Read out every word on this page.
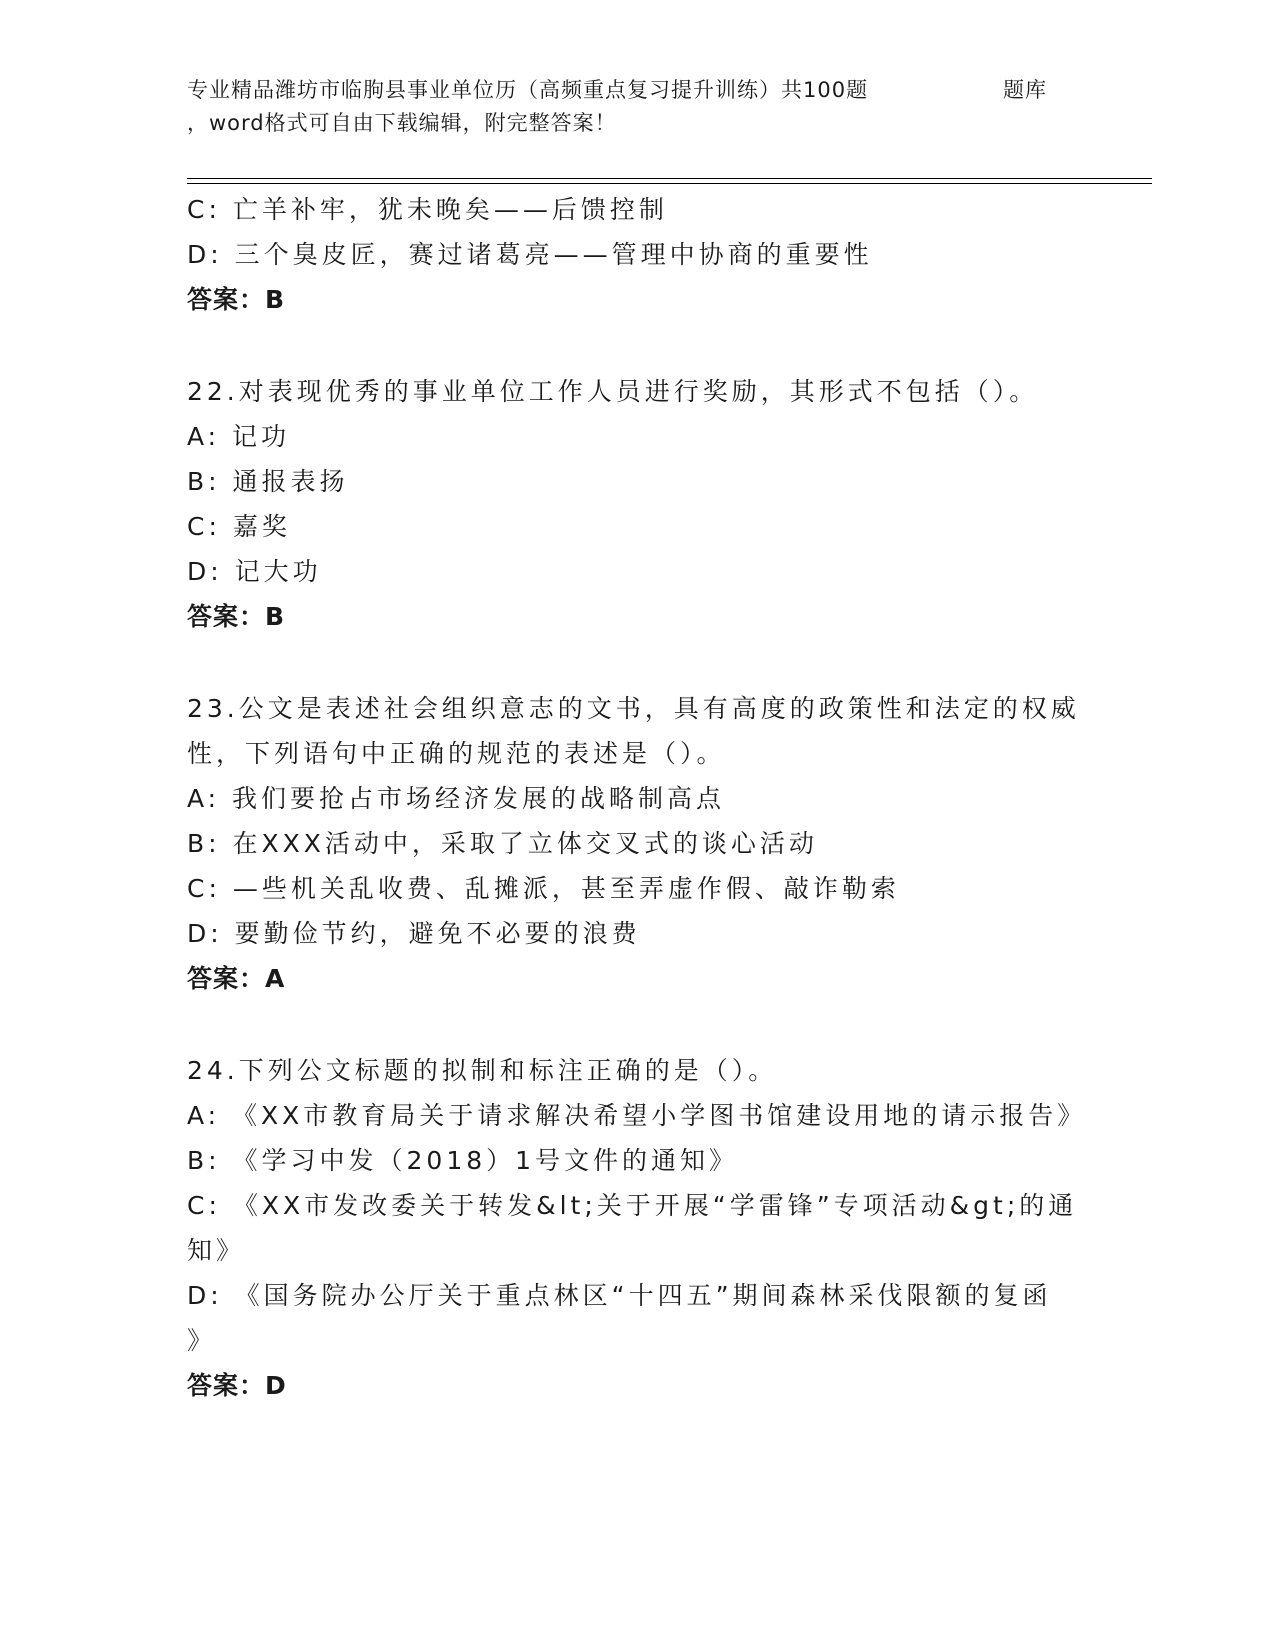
专业精品潍坊市临朐县事业单位历（高频重点复习提升训练）共100题	题库
，word格式可自由下载编辑，附完整答案！
C: 亡羊补牢，犹未晚矣——后馈控制
D: 三个臭皮匠，赛过诸葛亮——管理中协商的重要性
答案：B
22.对表现优秀的事业单位工作人员进行奖励，其形式不包括（）。
A: 记功
B: 通报表扬
C: 嘉奖
D: 记大功
答案：B
23.公文是表述社会组织意志的文书，具有高度的政策性和法定的权威
性，下列语句中正确的规范的表述是（）。
A: 我们要抢占市场经济发展的战略制高点
B: 在XXX活动中，采取了立体交叉式的谈心活动
C: —些机关乱收费、乱摊派，甚至弄虚作假、敲诈勒索
D: 要勤俭节约，避免不必要的浪费
答案：A
24.下列公文标题的拟制和标注正确的是（）。
A: 《XX市教育局关于请求解决希望小学图书馆建设用地的请示报告》
B: 《学习中发（2018）1号文件的通知》
C: 《XX市发改委关于转发&lt;关于开展“学雷锋”专项活动&gt;的通
知》
D: 《国务院办公厅关于重点林区“十四五”期间森林采伐限额的复函
》
答案：D
